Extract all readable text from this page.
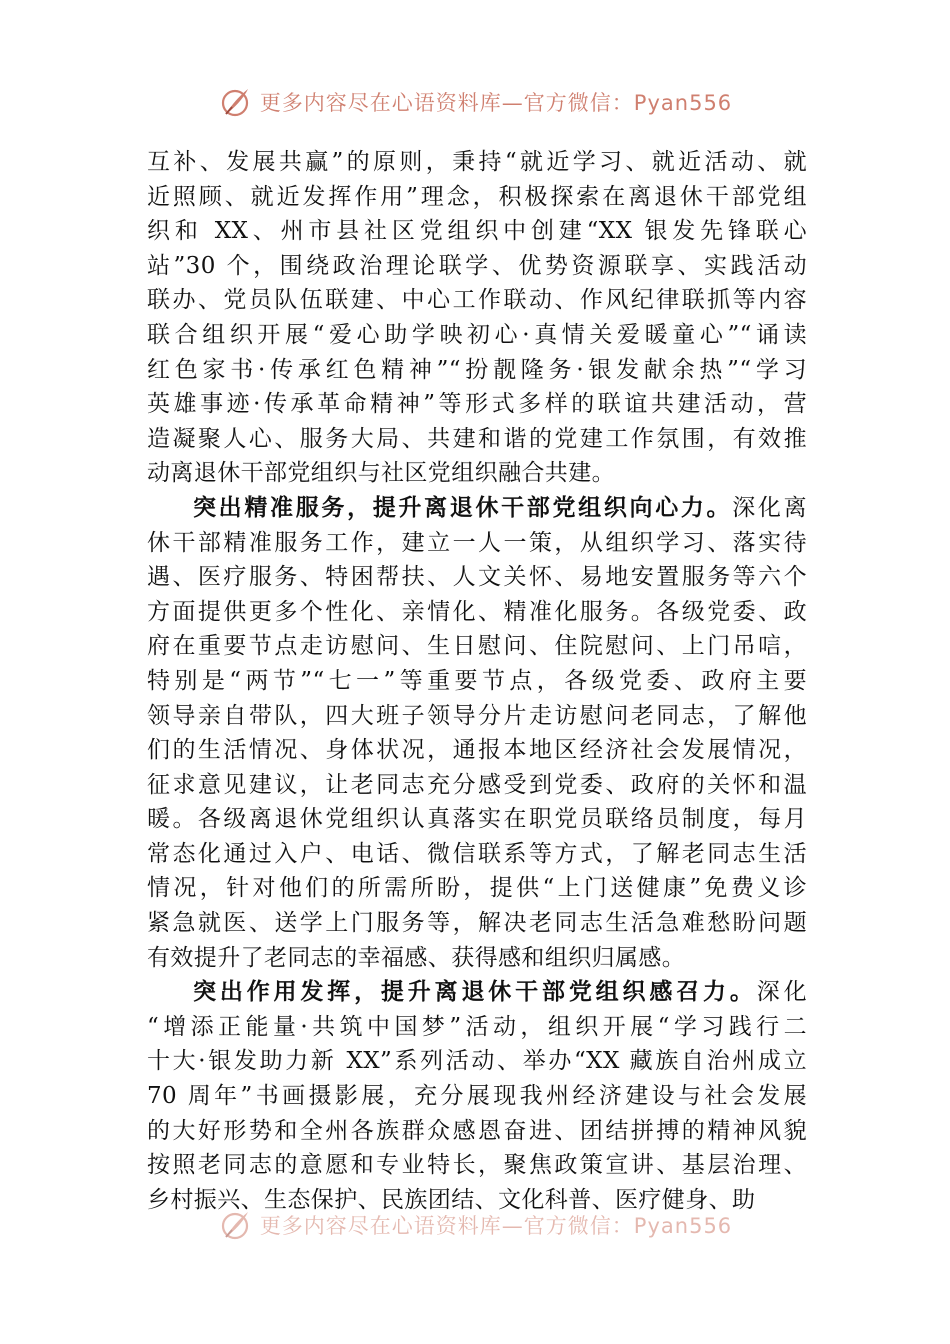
更多内容尽在心语资料库—官方微信：Pyan556
互补、发展共赢”的原则，秉持“就近学习、就近活动、就
近照顾、就近发挥作用”理念，积极探索在离退休干部党组
织和 XX、州市县社区党组织中创建“XX 银发先锋联心
站”30 个，围绕政治理论联学、优势资源联享、实践活动
联办、党员队伍联建、中心工作联动、作风纪律联抓等内容
联合组织开展“爱心助学映初心·真情关爱暖童心”“诵读
红色家书·传承红色精神”“扮靓隆务·银发献余热”“学习
英雄事迹·传承革命精神”等形式多样的联谊共建活动，营
造凝聚人心、服务大局、共建和谐的党建工作氛围，有效推
动离退休干部党组织与社区党组织融合共建。
突出精准服务，提升离退休干部党组织向心力。深化离
休干部精准服务工作，建立一人一策，从组织学习、落实待
遇、医疗服务、特困帮扶、人文关怀、易地安置服务等六个
方面提供更多个性化、亲情化、精准化服务。各级党委、政
府在重要节点走访慰问、生日慰问、住院慰问、上门吊唁，
特别是“两节”“七一”等重要节点，各级党委、政府主要
领导亲自带队，四大班子领导分片走访慰问老同志，了解他
们的生活情况、身体状况，通报本地区经济社会发展情况，
征求意见建议，让老同志充分感受到党委、政府的关怀和温
暖。各级离退休党组织认真落实在职党员联络员制度，每月
常态化通过入户、电话、微信联系等方式，了解老同志生活
情况，针对他们的所需所盼，提供“上门送健康”免费义诊
紧急就医、送学上门服务等，解决老同志生活急难愁盼问题
有效提升了老同志的幸福感、获得感和组织归属感。
突出作用发挥，提升离退休干部党组织感召力。深化
“增添正能量·共筑中国梦”活动，组织开展“学习践行二
十大·银发助力新 XX”系列活动、举办“XX 藏族自治州成立
70 周年”书画摄影展，充分展现我州经济建设与社会发展
的大好形势和全州各族群众感恩奋进、团结拼搏的精神风貌
按照老同志的意愿和专业特长，聚焦政策宣讲、基层治理、
乡村振兴、生态保护、民族团结、文化科普、医疗健身、助
更多内容尽在心语资料库—官方微信：Pyan556
